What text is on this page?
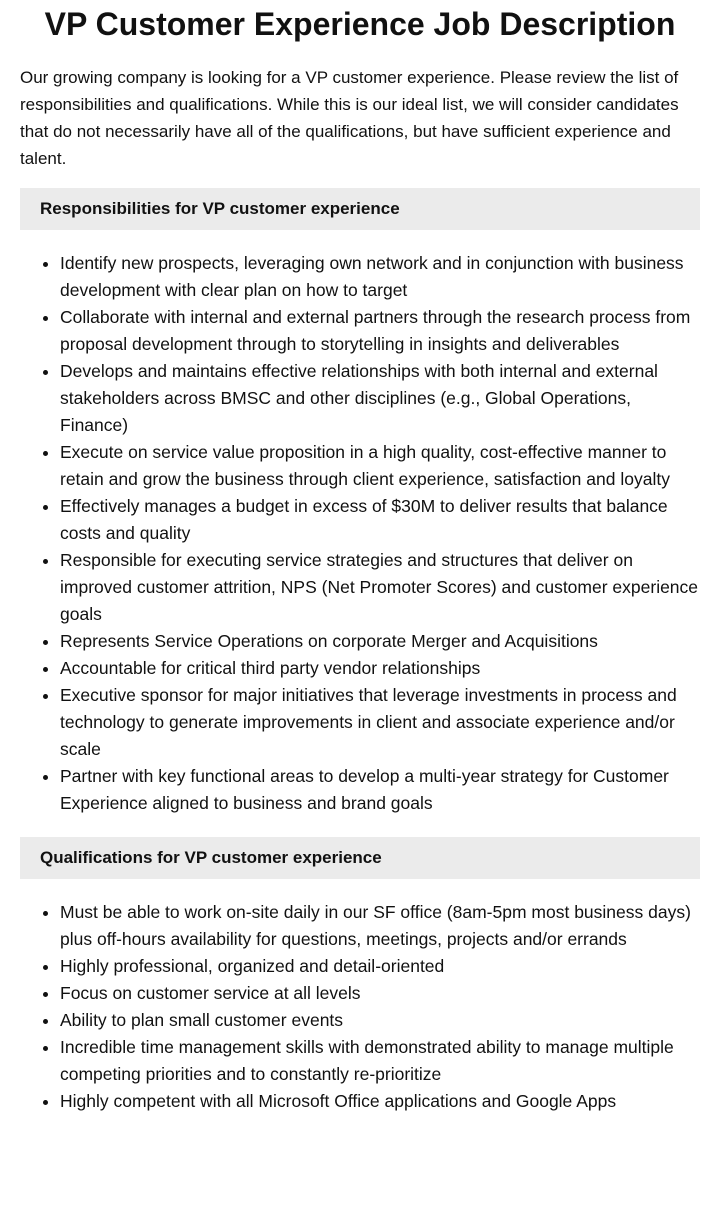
VP Customer Experience Job Description

Our growing company is looking for a VP customer experience. Please review the list of responsibilities and qualifications. While this is our ideal list, we will consider candidates that do not necessarily have all of the qualifications, but have sufficient experience and talent.

Responsibilities for VP customer experience
• Identify new prospects, leveraging own network and in conjunction with business development with clear plan on how to target
• Collaborate with internal and external partners through the research process from proposal development through to storytelling in insights and deliverables
• Develops and maintains effective relationships with both internal and external stakeholders across BMSC and other disciplines (e.g., Global Operations, Finance)
• Execute on service value proposition in a high quality, cost-effective manner to retain and grow the business through client experience, satisfaction and loyalty
• Effectively manages a budget in excess of $30M to deliver results that balance costs and quality
• Responsible for executing service strategies and structures that deliver on improved customer attrition, NPS (Net Promoter Scores) and customer experience goals
• Represents Service Operations on corporate Merger and Acquisitions
• Accountable for critical third party vendor relationships
• Executive sponsor for major initiatives that leverage investments in process and technology to generate improvements in client and associate experience and/or scale
• Partner with key functional areas to develop a multi-year strategy for Customer Experience aligned to business and brand goals
Qualifications for VP customer experience
• Must be able to work on-site daily in our SF office (8am-5pm most business days) plus off-hours availability for questions, meetings, projects and/or errands
• Highly professional, organized and detail-oriented
• Focus on customer service at all levels
• Ability to plan small customer events
• Incredible time management skills with demonstrated ability to manage multiple competing priorities and to constantly re-prioritize
• Highly competent with all Microsoft Office applications and Google Apps
